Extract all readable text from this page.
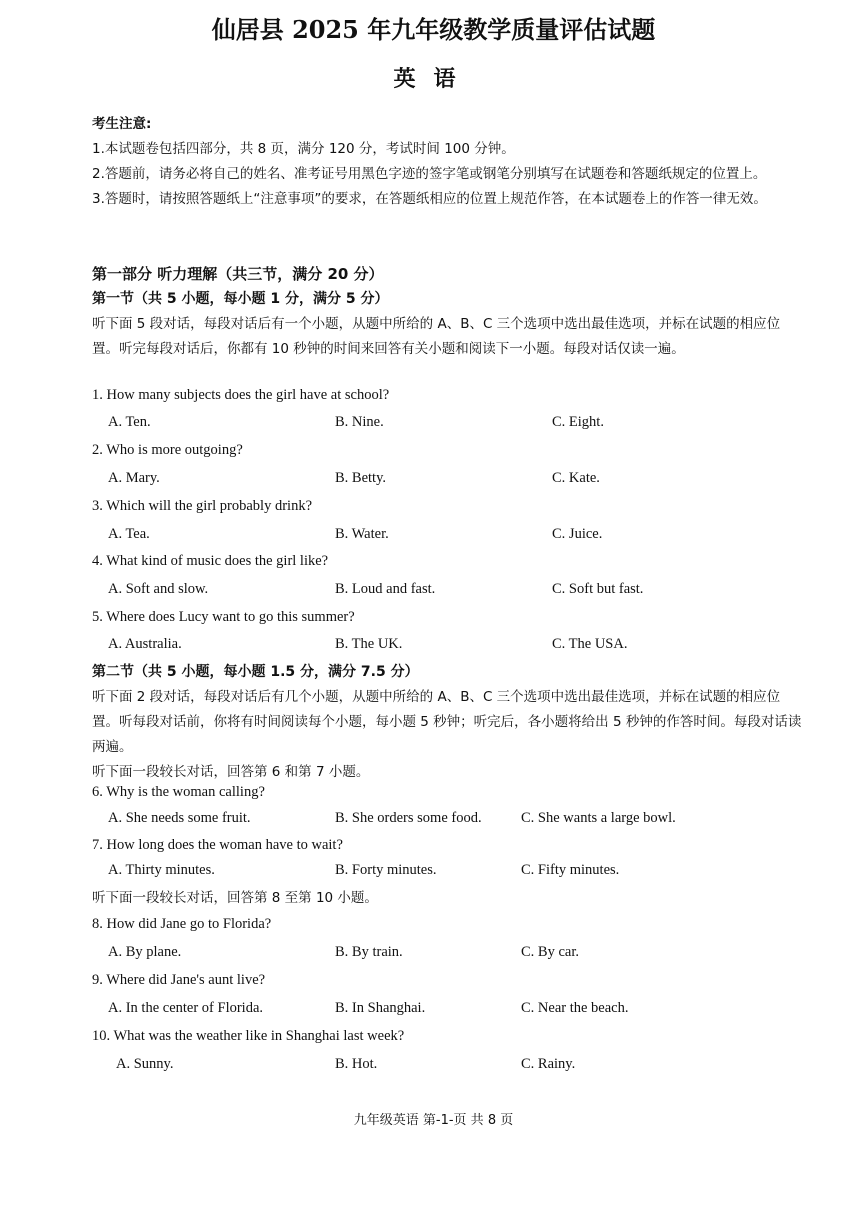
仙居县 2025 年九年级教学质量评估试题
英语
考生注意:
1.本试题卷包括四部分，共 8 页，满分 120 分，考试时间 100 分钟。
2.答题前，请务必将自己的姓名、准考证号用黑色字迹的签字笔或钢笔分别填写在试题卷和答题纸规定的位置上。
3.答题时，请按照答题纸上“注意事项”的要求，在答题纸相应的位置上规范作答，在本试题卷上的作答一律无效。
第一部分 听力理解（共三节，满分 20 分）
第一节（共 5 小题，每小题 1 分，满分 5 分）
听下面 5 段对话，每段对话后有一个小题，从题中所给的 A、B、C 三个选项中选出最佳选项，并标在试题的相应位置。听完每段对话后，你都有 10 秒钟的时间来回答有关小题和阅读下一小题。每段对话仅读一遍。
1. How many subjects does the girl have at school?
A. Ten.	B. Nine.	C. Eight.
2. Who is more outgoing?
A. Mary.	B. Betty.	C. Kate.
3. Which will the girl probably drink?
A. Tea.	B. Water.	C. Juice.
4. What kind of music does the girl like?
A. Soft and slow.	B. Loud and fast.	C. Soft but fast.
5. Where does Lucy want to go this summer?
A. Australia.	B. The UK.	C. The USA.
第二节（共 5 小题，每小题 1.5 分，满分 7.5 分）
听下面 2 段对话，每段对话后有几个小题，从题中所给的 A、B、C 三个选项中选出最佳选项，并标在试题的相应位置。听每段对话前，你将有时间阅读每个小题，每小题 5 秒钟；听完后，各小题将给出 5 秒钟的作答时间。每段对话读两遍。
听下面一段较长对话，回答第 6 和第 7 小题。
6. Why is the woman calling?
A. She needs some fruit.	B. She orders some food.	C. She wants a large bowl.
7. How long does the woman have to wait?
A. Thirty minutes.	B. Forty minutes.	C. Fifty minutes.
听下面一段较长对话，回答第 8 至第 10 小题。
8. How did Jane go to Florida?
A. By plane.	B. By train.	C. By car.
9. Where did Jane's aunt live?
A. In the center of Florida.	B. In Shanghai.	C. Near the beach.
10. What was the weather like in Shanghai last week?
A. Sunny.	B. Hot.	C. Rainy.
九年级英语 第-1-页 共 8 页
